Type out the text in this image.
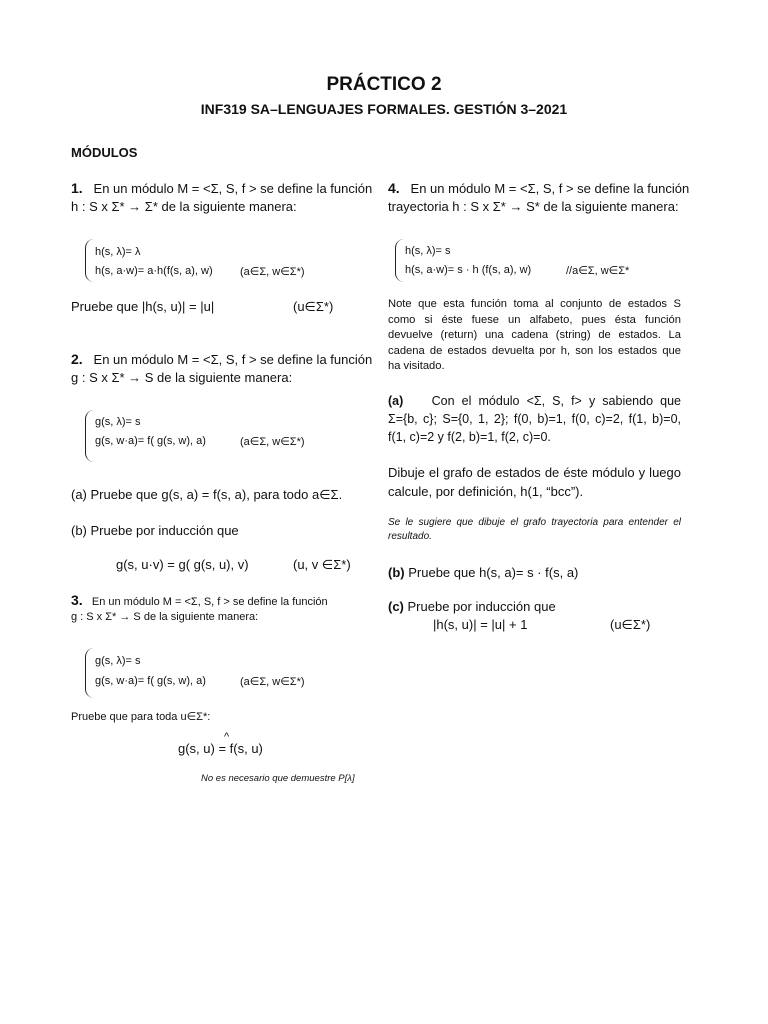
PRÁCTICO 2
INF319 SA–LENGUAJES FORMALES. GESTIÓN 3–2021
MÓDULOS
1. En un módulo M = <Σ, S, f > se define la función
h : S x Σ* → Σ* de la siguiente manera:
h(s, λ)= λ
h(s, a·w)= a·h(f(s, a), w) (a∈Σ, w∈Σ*)
Pruebe que |h(s, u)| = |u|	(u∈Σ*)
2. En un módulo M = <Σ, S, f > se define la función
g : S x Σ* → S de la siguiente manera:
g(s, λ)= s
g(s, w·a)= f( g(s, w), a)	(a∈Σ, w∈Σ*)
(a) Pruebe que g(s, a) = f(s, a), para todo a∈Σ.
(b) Pruebe por inducción que
g(s, u·v) = g( g(s, u), v)	(u, v ∈Σ*)
3. En un módulo M = <Σ, S, f > se define la función
g : S x Σ* → S de la siguiente manera:
g(s, λ)= s
g(s, w·a)= f( g(s, w), a)	(a∈Σ, w∈Σ*)
Pruebe que para toda u∈Σ*:
^
g(s, u) = f(s, u)
No es necesario que demuestre P[λ]
4. En un módulo M = <Σ, S, f > se define la función
trayectoria h : S x Σ* → S* de la siguiente manera:
h(s, λ)= s
h(s, a·w)= s · h (f(s, a), w)	//a∈Σ, w∈Σ*
Note que esta función toma al conjunto de estados S
como si éste fuese un alfabeto, pues ésta función
devuelve (return) una cadena (string) de estados. La
cadena de estados devuelta por h, son los estados que
ha visitado.
(a) Con el módulo <Σ, S, f> y sabiendo que
Σ={b, c}; S={0, 1, 2}; f(0, b)=1, f(0, c)=2, f(1, b)=0,
f(1, c)=2 y f(2, b)=1, f(2, c)=0.
Dibuje el grafo de estados de éste módulo y luego
calcule, por definición, h(1, “bcc”).
Se le sugiere que dibuje el grafo trayectoria para entender el
resultado.
(b) Pruebe que h(s, a)= s · f(s, a)
(c) Pruebe por inducción que
|h(s, u)| = |u| + 1	(u∈Σ*)
